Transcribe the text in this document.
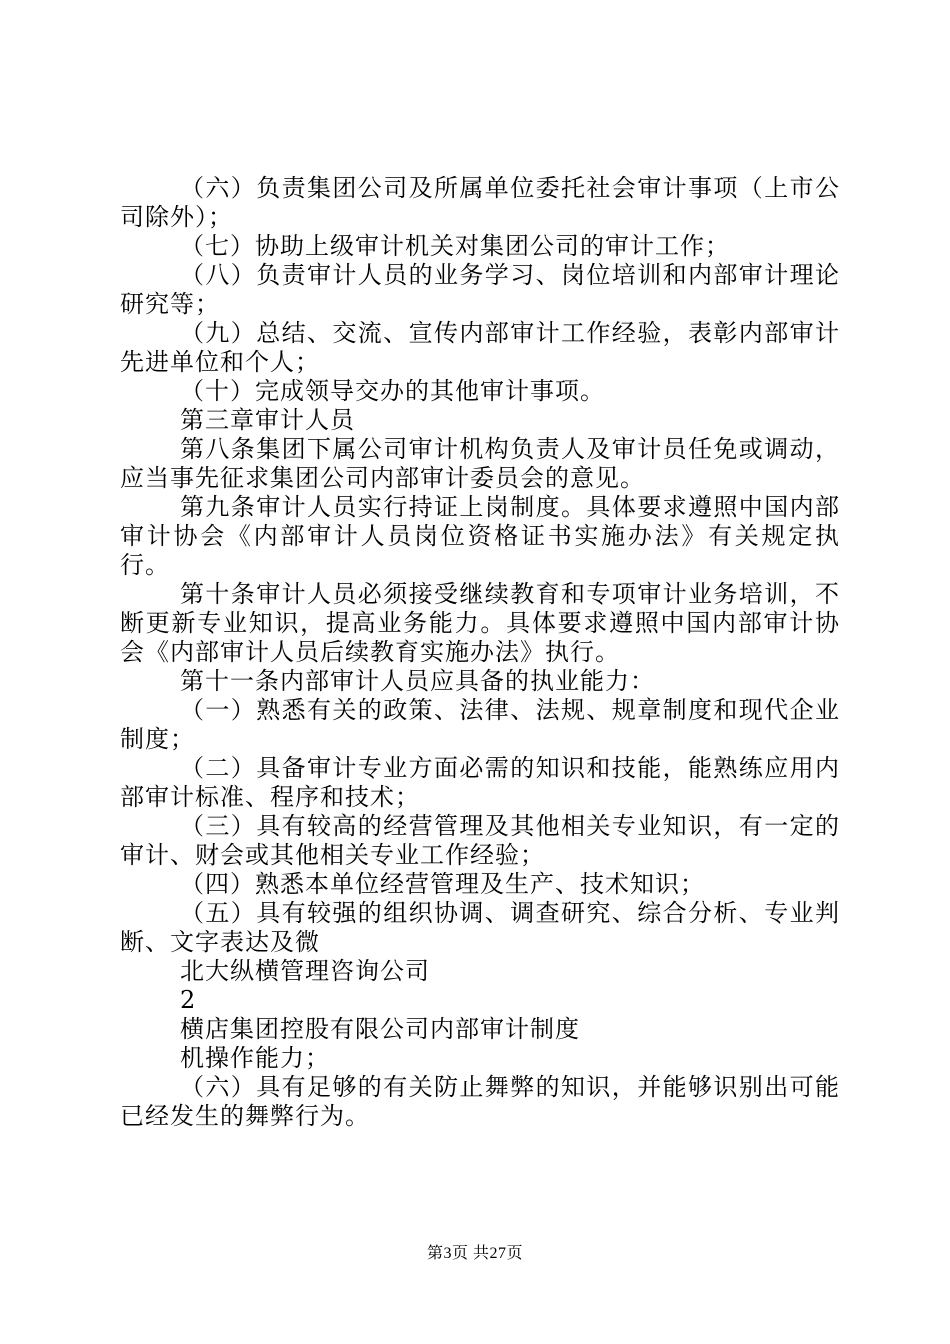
（六）负责集团公司及所属单位委托社会审计事项（上市公司除外）；

（七）协助上级审计机关对集团公司的审计工作；

（八）负责审计人员的业务学习、岗位培训和内部审计理论研究等；

（九）总结、交流、宣传内部审计工作经验，表彰内部审计先进单位和个人；

（十）完成领导交办的其他审计事项。

第三章审计人员

第八条集团下属公司审计机构负责人及审计员任免或调动，应当事先征求集团公司内部审计委员会的意见。

第九条审计人员实行持证上岗制度。具体要求遵照中国内部审计协会《内部审计人员岗位资格证书实施办法》有关规定执行。

第十条审计人员必须接受继续教育和专项审计业务培训，不断更新专业知识，提高业务能力。具体要求遵照中国内部审计协会《内部审计人员后续教育实施办法》执行。

第十一条内部审计人员应具备的执业能力：

（一）熟悉有关的政策、法律、法规、规章制度和现代企业制度；

（二）具备审计专业方面必需的知识和技能，能熟练应用内部审计标准、程序和技术；

（三）具有较高的经营管理及其他相关专业知识，有一定的审计、财会或其他相关专业工作经验；

（四）熟悉本单位经营管理及生产、技术知识；

（五）具有较强的组织协调、调查研究、综合分析、专业判断、文字表达及微

北大纵横管理咨询公司

2

横店集团控股有限公司内部审计制度

机操作能力；

（六）具有足够的有关防止舞弊的知识，并能够识别出可能已经发生的舞弊行为。

第3页 共27页
